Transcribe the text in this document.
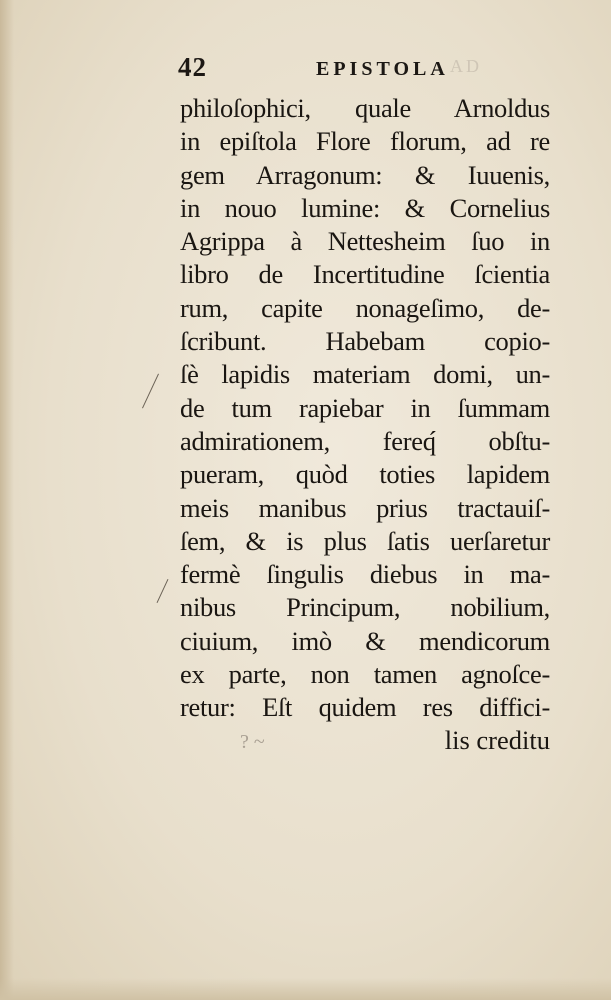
42	EPISTOLA AD
philoſophici, quale Arnoldus
in epiſtola Flore florum, ad re
gem Arragonum: & Iuuenis,
in nouo lumine: & Cornelius
Agrippa à Nettesheim ſuo in
libro de Incertitudine ſcientia
rum, capite nonageſimo, de-
ſcribunt. Habebam copio-
ſè lapidis materiam domi, un-
de tum rapiebar in ſummam
admirationem, fereq́ obſtu-
pueram, quòd toties lapidem
meis manibus prius tractauiſ-
ſem, & is plus ſatis uerſaretur
fermè ſingulis diebus in ma-
nibus Principum, nobilium,
ciuium, imò & mendicorum
ex parte, non tamen agnoſce-
retur: Eſt quidem res diffici-
? ~	lis creditu
